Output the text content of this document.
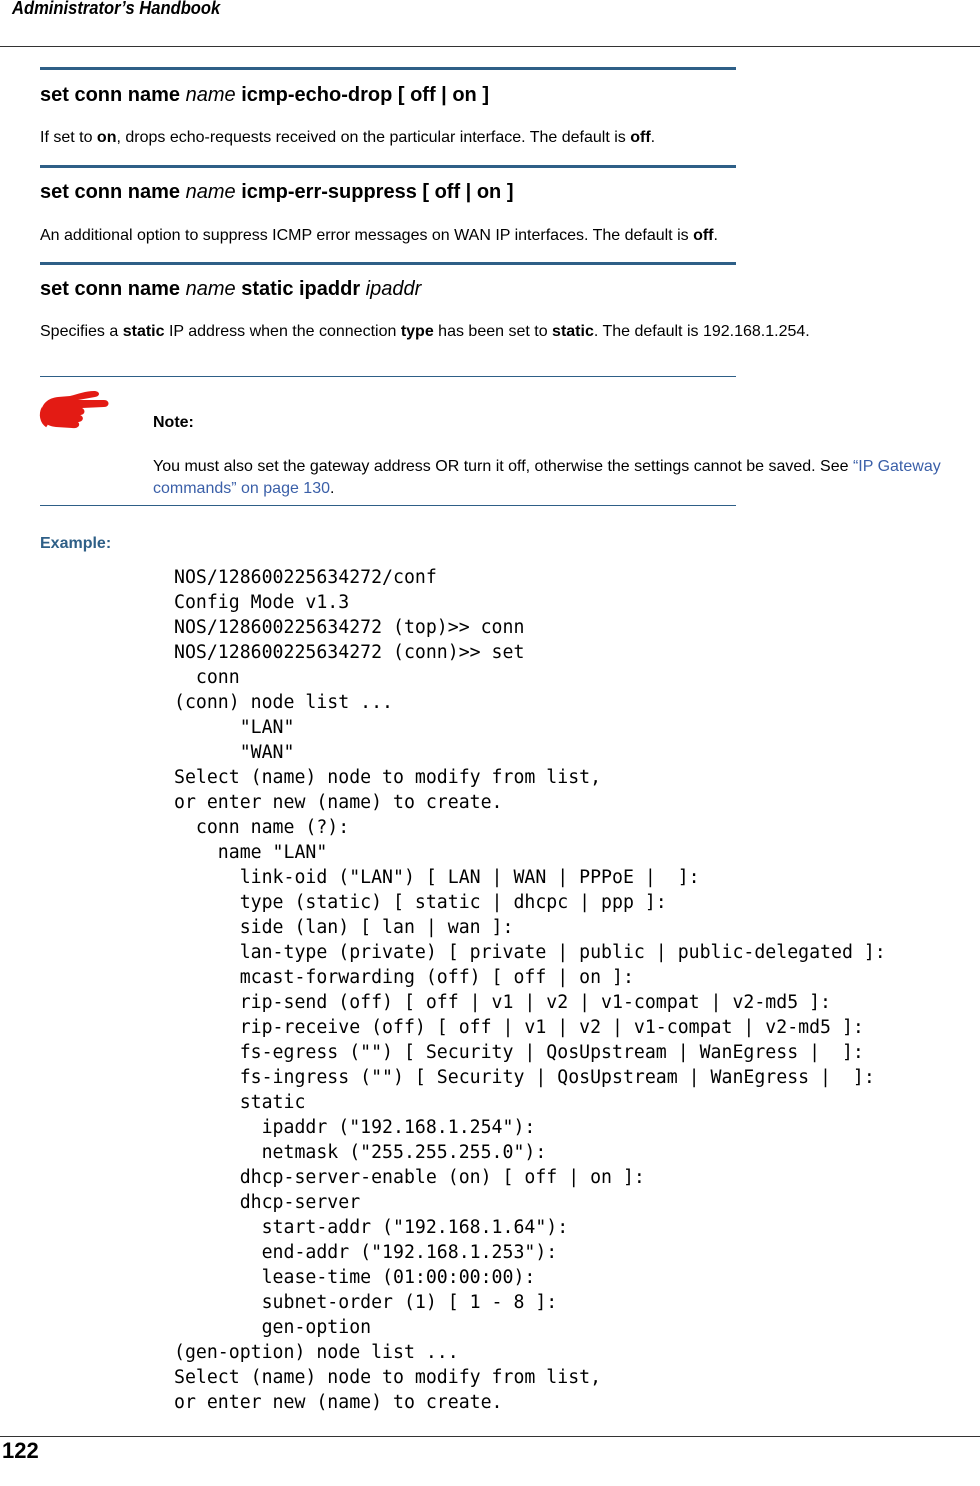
Administrator’s Handbook
set conn name name icmp-echo-drop [ off | on ]
If set to on, drops echo-requests received on the particular interface. The default is off.
set conn name name icmp-err-suppress [ off | on ]
An additional option to suppress ICMP error messages on WAN IP interfaces. The default is off.
set conn name name static ipaddr ipaddr
Specifies a static IP address when the connection type has been set to static. The default is 192.168.1.254.
Note:
You must also set the gateway address OR turn it off, otherwise the settings cannot be saved. See “IP Gateway commands” on page 130.
Example:
NOS/128600225634272/conf
Config Mode v1.3
NOS/128600225634272 (top)>> conn
NOS/128600225634272 (conn)>> set
conn
(conn) node list ...
"LAN"
"WAN"
Select (name) node to modify from list,
or enter new (name) to create.
conn name (?):
name "LAN"
link-oid ("LAN") [ LAN | WAN | PPPoE |  ]:
type (static) [ static | dhcpc | ppp ]:
side (lan) [ lan | wan ]:
lan-type (private) [ private | public | public-delegated ]:
mcast-forwarding (off) [ off | on ]:
rip-send (off) [ off | v1 | v2 | v1-compat | v2-md5 ]:
rip-receive (off) [ off | v1 | v2 | v1-compat | v2-md5 ]:
fs-egress ("") [ Security | QosUpstream | WanEgress |  ]:
fs-ingress ("") [ Security | QosUpstream | WanEgress |  ]:
static
ipaddr ("192.168.1.254"):
netmask ("255.255.255.0"):
dhcp-server-enable (on) [ off | on ]:
dhcp-server
start-addr ("192.168.1.64"):
end-addr ("192.168.1.253"):
lease-time (01:00:00:00):
subnet-order (1) [ 1 - 8 ]:
gen-option
(gen-option) node list ...
Select (name) node to modify from list,
or enter new (name) to create.
122
